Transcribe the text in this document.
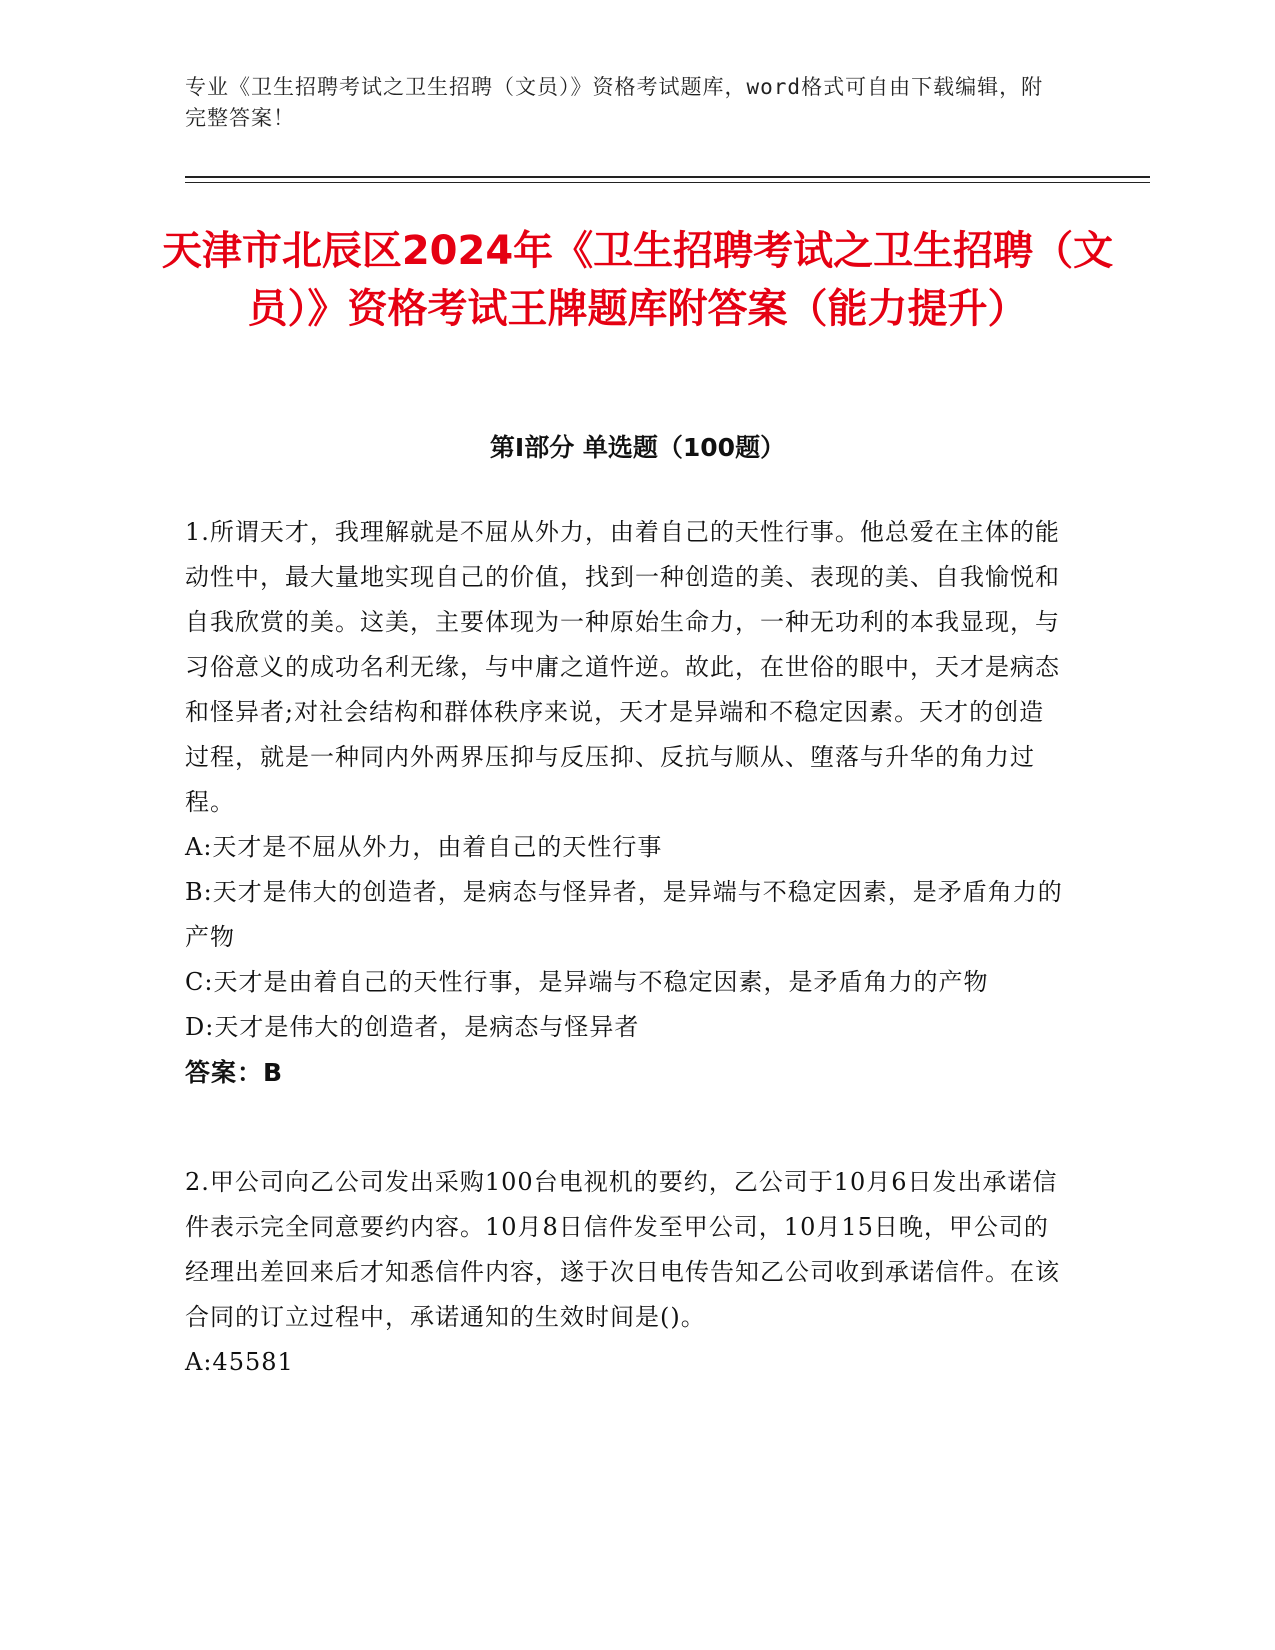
专业《卫生招聘考试之卫生招聘（文员）》资格考试题库，word格式可自由下载编辑，附完整答案！
天津市北辰区2024年《卫生招聘考试之卫生招聘（文员）》资格考试王牌题库附答案（能力提升）
第Ⅰ部分 单选题（100题）
1.所谓天才，我理解就是不屈从外力，由着自己的天性行事。他总爱在主体的能动性中，最大量地实现自己的价值，找到一种创造的美、表现的美、自我愉悦和自我欣赏的美。这美，主要体现为一种原始生命力，一种无功利的本我显现，与习俗意义的成功名利无缘，与中庸之道忤逆。故此，在世俗的眼中，天才是病态和怪异者;对社会结构和群体秩序来说，天才是异端和不稳定因素。天才的创造过程，就是一种同内外两界压抑与反压抑、反抗与顺从、堕落与升华的角力过程。
A:天才是不屈从外力，由着自己的天性行事
B:天才是伟大的创造者，是病态与怪异者，是异端与不稳定因素，是矛盾角力的产物
C:天才是由着自己的天性行事，是异端与不稳定因素，是矛盾角力的产物
D:天才是伟大的创造者，是病态与怪异者
答案：B
2.甲公司向乙公司发出采购100台电视机的要约，乙公司于10月6日发出承诺信件表示完全同意要约内容。10月8日信件发至甲公司，10月15日晚，甲公司的经理出差回来后才知悉信件内容，遂于次日电传告知乙公司收到承诺信件。在该合同的订立过程中，承诺通知的生效时间是()。
A:45581
